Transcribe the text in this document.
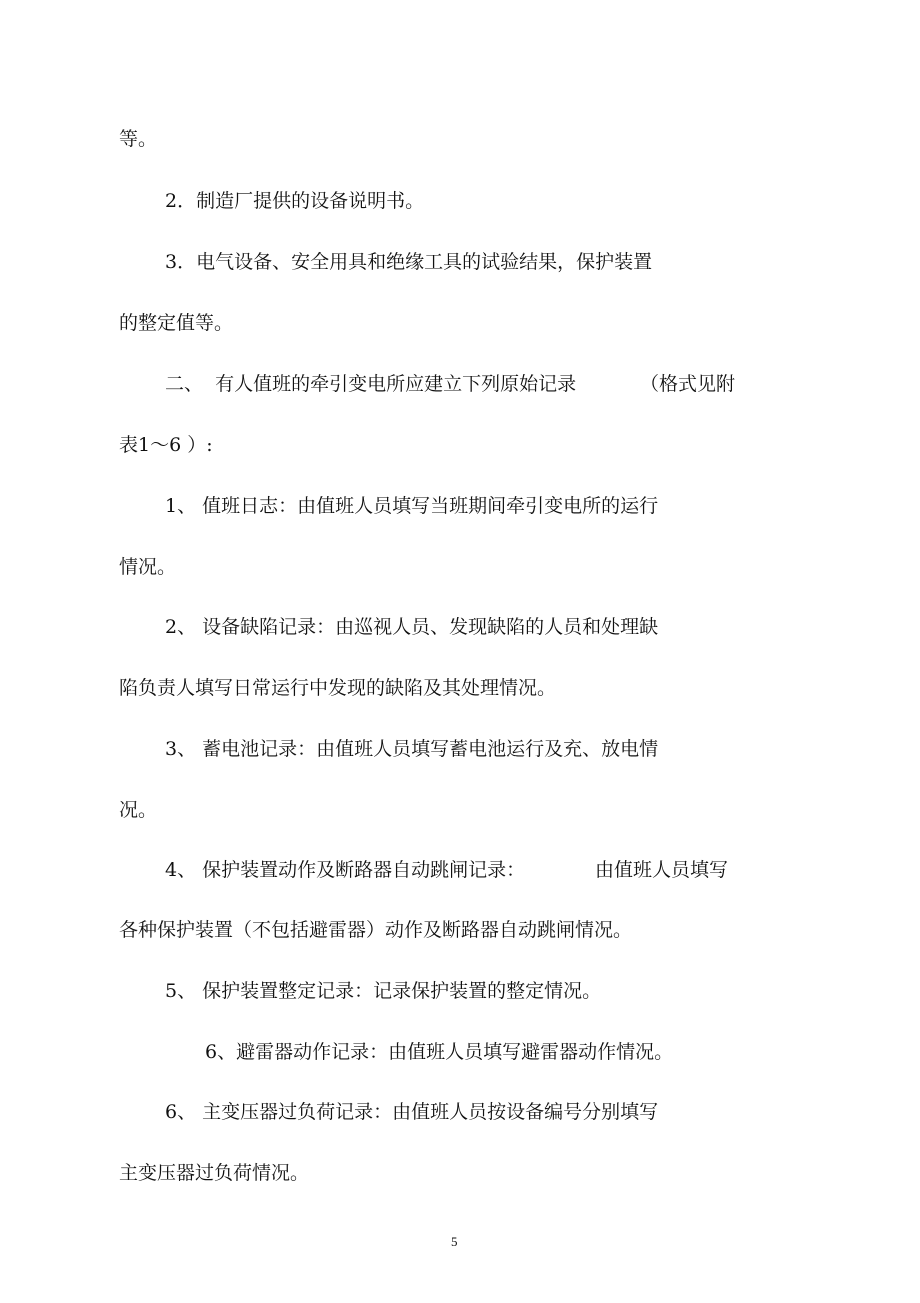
等。

2．制造厂提供的设备说明书。

3．电气设备、安全用具和绝缘工具的试验结果，保护装置

的整定值等。

二、  有人值班的牵引变电所应建立下列原始记录	（格式见附

表1～6 ）:

1、 值班日志：由值班人员填写当班期间牵引变电所的运行

情况。

2、 设备缺陷记录：由巡视人员、发现缺陷的人员和处理缺

陷负责人填写日常运行中发现的缺陷及其处理情况。

3、 蓄电池记录：由值班人员填写蓄电池运行及充、放电情

况。

4、 保护装置动作及断路器自动跳闸记录：	由值班人员填写

各种保护装置（不包括避雷器）动作及断路器自动跳闸情况。

5、 保护装置整定记录：记录保护装置的整定情况。

6、避雷器动作记录：由值班人员填写避雷器动作情况。

6、 主变压器过负荷记录：由值班人员按设备编号分别填写

主变压器过负荷情况。

5
